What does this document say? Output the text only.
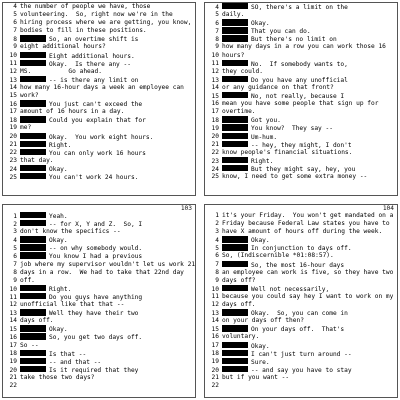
4 the number of people we have, those
5 volunteering.  So, right now we're in the
6 hiring process where we are getting, you know,
7 bodies to fill in these positions.
8	So, an overtime shift is
9 eight additional hours?
10	Eight additional hours.
11	Okay.  Is there any --
12 MS.          Go ahead.
13	-- is there any limit on
14 how many 16-hour days a week an employee can
15 work?
16	You just can't exceed the
17 amount of 16 hours in a day.
18	Could you explain that for
19 me?
20	Okay.  You work eight hours.
21	Right.
22	You can only work 16 hours
23 that day.
24	Okay.
25	You can't work 24 hours.
4	SO, there's a limit on the
5 daily.
6	Okay.
7	That you can do.
8	But there's no limit on
9 how many days in a row you can work those 16
10 hours?
11	No.  If somebody wants to,
12 they could.
13	Do you have any unofficial
14 or any guidance on that front?
15	No, not really, because I
16 mean you have some people that sign up for
17 overtime.
18	Got you.
19	You know?  They say --
20	Um-hum.
21	-- hey, they might, I don't
22 know people's financial situations.
23	Right.
24	But they might say, hey, you
25 know, I need to get some extra money --
103
1	Yeah.
2	-- for X, Y and Z.  So, I
3 don't know the specifics --
4	Okay.
5	-- on why somebody would.
6	You know I had a previous
7 job where my supervisor wouldn't let us work 21
8 days in a row.  We had to take that 22nd day
9 off.
10	Right.
11	Do you guys have anything
12 unofficial like that that --
13	Well they have their two
14 days off.
15	Okay.
16	So, you get two days off.
17 So --
18	Is that --
19	-- and that --
20	Is it required that they
21 take those two days?
22
104
1 it's your Friday.  You won't get mandated on a
2 Friday because Federal Law states you have to
3 have X amount of hours off during the week.
4	Okay.
5	In conjunction to days off.
6 So, (Indiscernible *01:08:57).
7	So, the most 16-hour days
8 an employee can work is five, so they have two
9 days off?
10	Well not necessarily,
11 because you could say hey I want to work on my
12 days off.
13	Okay.  So, you can come in
14 on your days off then?
15	On your days off.  That's
16 voluntary.
17	Okay.
18	I can't just turn around --
19	Sure.
20	-- and say you have to stay
21 but if you want --
22
